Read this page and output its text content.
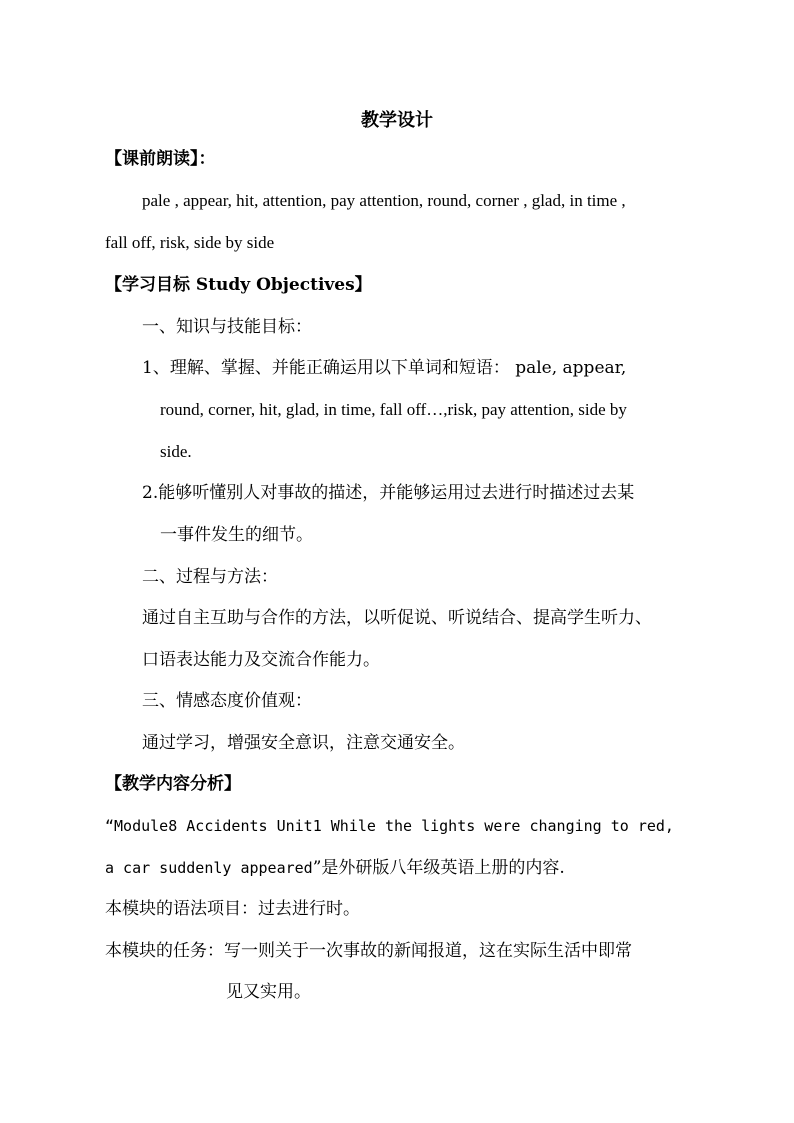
教学设计
【课前朗读】：
pale , appear, hit, attention, pay attention, round, corner , glad, in time ,
fall off, risk, side by side
【学习目标 Study Objectives】
一、知识与技能目标：
1、理解、掌握、并能正确运用以下单词和短语： pale, appear,
round, corner, hit, glad, in time, fall off…,risk, pay attention, side by
side.
2.能够听懂别人对事故的描述，并能够运用过去进行时描述过去某
一事件发生的细节。
二、过程与方法：
通过自主互助与合作的方法，以听促说、听说结合、提高学生听力、
口语表达能力及交流合作能力。
三、情感态度价值观：
通过学习，增强安全意识，注意交通安全。
【教学内容分析】
“Module8 Accidents Unit1 While the lights were changing to red,
a car suddenly appeared”是外研版八年级英语上册的内容.
本模块的语法项目：过去进行时。
本模块的任务：写一则关于一次事故的新闻报道，这在实际生活中即常
见又实用。
